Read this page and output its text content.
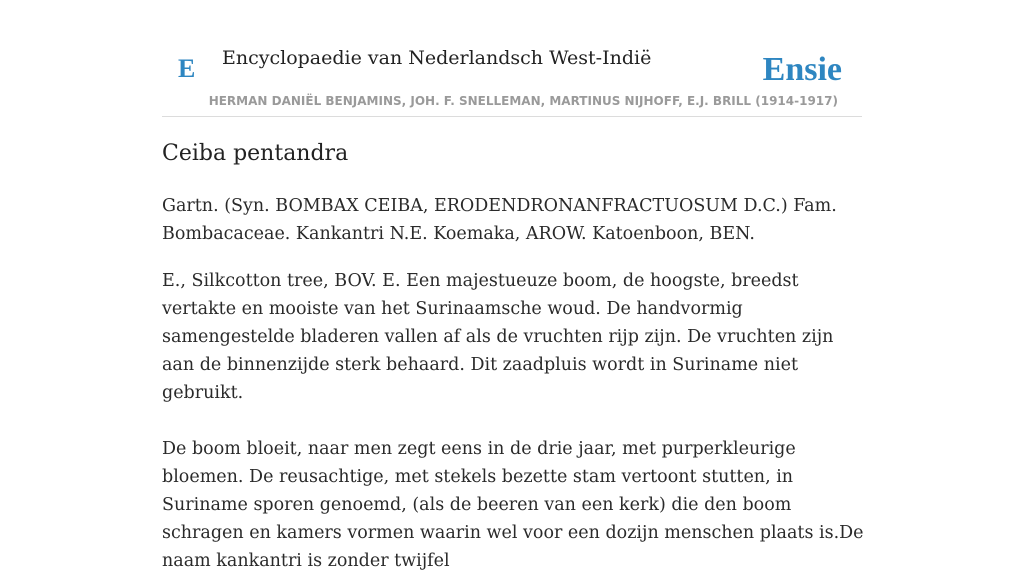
E Encyclopaedie van Nederlandsch West-Indië	Ensie
HERMAN DANIËL BENJAMINS, JOH. F. SNELLEMAN, MARTINUS NIJHOFF, E.J. BRILL (1914-1917)
Ceiba pentandra

Gartn. (Syn. BOMBAX CEIBA, ERODENDRONANFRACTUOSUM D.C.) Fam. Bombacaceae. Kankantri N.E. Koemaka, AROW. Katoenboon, BEN.

E., Silkcotton tree, BOV. E. Een majestueuze boom, de hoogste, breedst vertakte en mooiste van het Surinaamsche woud. De handvormig samengestelde bladeren vallen af als de vruchten rijp zijn. De vruchten zijn aan de binnenzijde sterk behaard. Dit zaadpluis wordt in Suriname niet gebruikt.

De boom bloeit, naar men zegt eens in de drie jaar, met purperkleurige bloemen. De reusachtige, met stekels bezette stam vertoont stutten, in Suriname sporen genoemd, (als de beeren van een kerk) die den boom schragen en kamers vormen waarin wel voor een dozijn menschen plaats is.De naam kankantri is zonder twijfel
